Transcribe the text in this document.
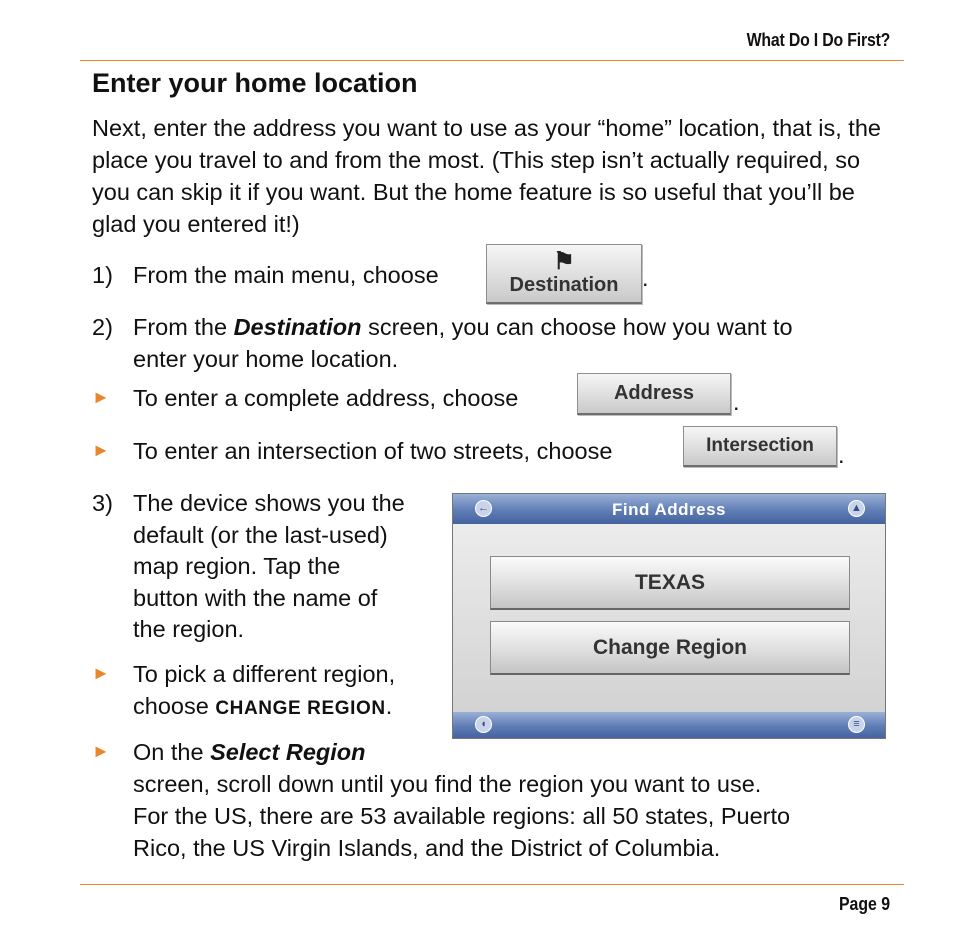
What Do I Do First?
Enter your home location

Next, enter the address you want to use as your “home” location, that is, the place you travel to and from the most. (This step isn’t actually required, so you can skip it if you want. But the home feature is so useful that you’ll be glad you entered it!)

1) From the main menu, choose	⚑
Destination .
2) From the Destination screen, you can choose how you want to
enter your home location.
► To enter a complete address, choose	Address	.
► To enter an intersection of two streets, choose	Intersection	.
3) The device shows you the
default (or the last-used)
map region. Tap the
button with the name of
the region.
► To pick a different region,
choose CHANGE REGION.
←	Find Address	▲
TEXAS
Change Region
◖	≡
► On the Select Region
screen, scroll down until you find the region you want to use.
For the US, there are 53 available regions: all 50 states, Puerto
Rico, the US Virgin Islands, and the District of Columbia.
Page 9
